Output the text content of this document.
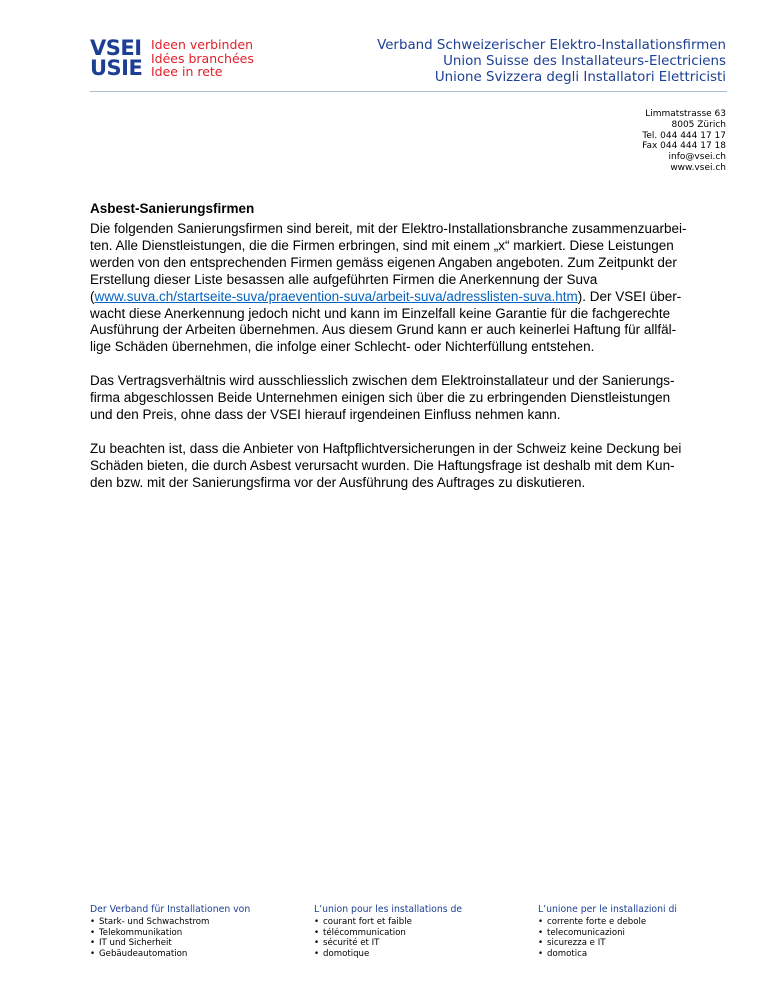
VSEI
USIE
Ideen verbinden
Idées branchées
Idee in rete
Verband Schweizerischer Elektro-Installationsfirmen
Union Suisse des Installateurs-Electriciens
Unione Svizzera degli Installatori Elettricisti
Limmatstrasse 63
8005 Zürich
Tel. 044 444 17 17
Fax 044 444 17 18
info@vsei.ch
www.vsei.ch
Asbest-Sanierungsfirmen

Die folgenden Sanierungsfirmen sind bereit, mit der Elektro-Installationsbranche zusammenzuarbei-
ten. Alle Dienstleistungen, die die Firmen erbringen, sind mit einem „x“ markiert. Diese Leistungen
werden von den entsprechenden Firmen gemäss eigenen Angaben angeboten. Zum Zeitpunkt der
Erstellung dieser Liste besassen alle aufgeführten Firmen die Anerkennung der Suva
(www.suva.ch/startseite-suva/praevention-suva/arbeit-suva/adresslisten-suva.htm). Der VSEI über-
wacht diese Anerkennung jedoch nicht und kann im Einzelfall keine Garantie für die fachgerechte
Ausführung der Arbeiten übernehmen. Aus diesem Grund kann er auch keinerlei Haftung für allfäl-
lige Schäden übernehmen, die infolge einer Schlecht- oder Nichterfüllung entstehen.

Das Vertragsverhältnis wird ausschliesslich zwischen dem Elektroinstallateur und der Sanierungs-
firma abgeschlossen Beide Unternehmen einigen sich über die zu erbringenden Dienstleistungen
und den Preis, ohne dass der VSEI hierauf irgendeinen Einfluss nehmen kann.

Zu beachten ist, dass die Anbieter von Haftpflichtversicherungen in der Schweiz keine Deckung bei
Schäden bieten, die durch Asbest verursacht wurden. Die Haftungsfrage ist deshalb mit dem Kun-
den bzw. mit der Sanierungsfirma vor der Ausführung des Auftrages zu diskutieren.

Der Verband für Installationen von
• Stark- und Schwachstrom
• Telekommunikation
• IT und Sicherheit
• Gebäudeautomation
L’union pour les installations de
• courant fort et faible
• télécommunication
• sécurité et IT
• domotique
L’unione per le installazioni di
• corrente forte e debole
• telecomunicazioni
• sicurezza e IT
• domotica
